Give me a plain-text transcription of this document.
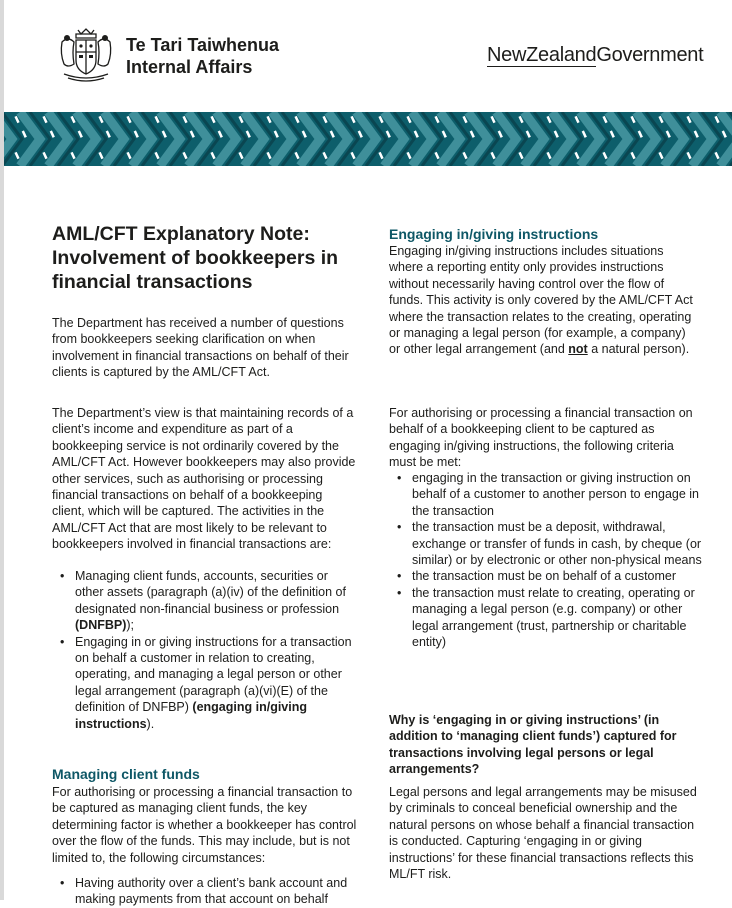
Te Tari Taiwhenua
Internal Affairs
NewZealandGovernment
AML/CFT Explanatory Note:
Involvement of bookkeepers in
financial transactions

The Department has received a number of questions from bookkeepers seeking clarification on when involvement in financial transactions on behalf of their clients is captured by the AML/CFT Act.

The Department’s view is that maintaining records of a client’s income and expenditure as part of a bookkeeping service is not ordinarily covered by the AML/CFT Act. However bookkeepers may also provide other services, such as authorising or processing financial transactions on behalf of a bookkeeping client, which will be captured. The activities in the AML/CFT Act that are most likely to be relevant to bookkeepers involved in financial transactions are:

• Managing client funds, accounts, securities or other assets (paragraph (a)(iv) of the definition of designated non-financial business or profession (DNFBP));
• Engaging in or giving instructions for a transaction on behalf a customer in relation to creating, operating, and managing a legal person or other legal arrangement (paragraph (a)(vi)(E) of the definition of DNFBP) (engaging in/giving instructions).
Managing client funds

For authorising or processing a financial transaction to be captured as managing client funds, the key determining factor is whether a bookkeeper has control over the flow of the funds. This may include, but is not limited to, the following circumstances:

• Having authority over a client’s bank account and making payments from that account on behalf
Engaging in/giving instructions

Engaging in/giving instructions includes situations where a reporting entity only provides instructions without necessarily having control over the flow of funds. This activity is only covered by the AML/CFT Act where the transaction relates to the creating, operating or managing a legal person (for example, a company) or other legal arrangement (and not a natural person).

For authorising or processing a financial transaction on behalf of a bookkeeping client to be captured as engaging in/giving instructions, the following criteria must be met:

• engaging in the transaction or giving instruction on behalf of a customer to another person to engage in the transaction
• the transaction must be a deposit, withdrawal, exchange or transfer of funds in cash, by cheque (or similar) or by electronic or other non-physical means
• the transaction must be on behalf of a customer
• the transaction must relate to creating, operating or managing a legal person (e.g. company) or other legal arrangement (trust, partnership or charitable entity)
Why is ‘engaging in or giving instructions’ (in addition to ‘managing client funds’) captured for transactions involving legal persons or legal arrangements?

Legal persons and legal arrangements may be misused by criminals to conceal beneficial ownership and the natural persons on whose behalf a financial transaction is conducted. Capturing ‘engaging in or giving instructions’ for these financial transactions reflects this ML/FT risk.
